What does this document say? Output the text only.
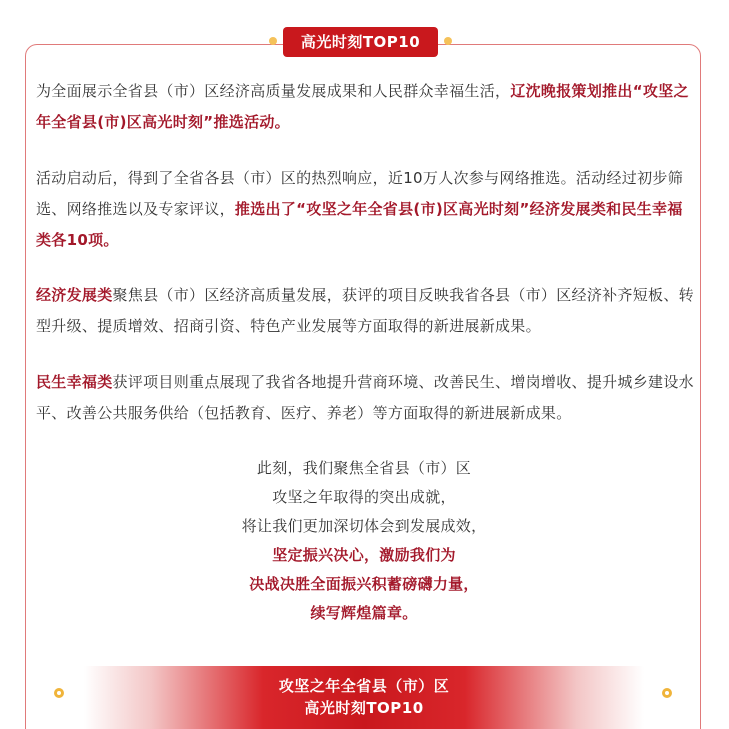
高光时刻TOP10
为全面展示全省县（市）区经济高质量发展成果和人民群众幸福生活，辽沈晚报策划推出“攻坚之年全省县(市)区高光时刻”推选活动。
活动启动后，得到了全省各县（市）区的热烈响应，近10万人次参与网络推选。活动经过初步筛选、网络推选以及专家评议，推选出了“攻坚之年全省县(市)区高光时刻”经济发展类和民生幸福类各10项。
经济发展类聚焦县（市）区经济高质量发展，获评的项目反映我省各县（市）区经济补齐短板、转型升级、提质增效、招商引资、特色产业发展等方面取得的新进展新成果。
民生幸福类获评项目则重点展现了我省各地提升营商环境、改善民生、增岗增收、提升城乡建设水平、改善公共服务供给（包括教育、医疗、养老）等方面取得的新进展新成果。
此刻，我们聚焦全省县（市）区
攻坚之年取得的突出成就，
将让我们更加深切体会到发展成效，
坚定振兴决心，激励我们为
决战决胜全面振兴积蓄磅礴力量，
续写辉煌篇章。
攻坚之年全省县（市）区
高光时刻TOP10
